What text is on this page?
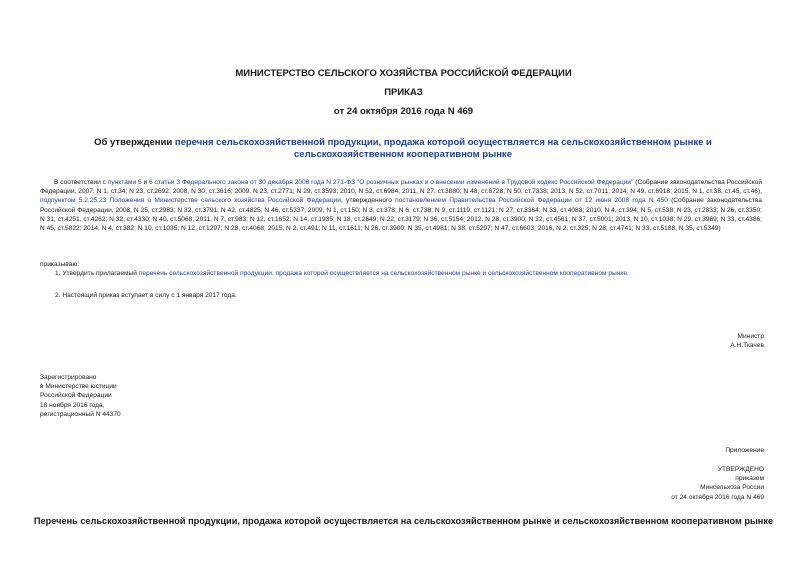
МИНИСТЕРСТВО СЕЛЬСКОГО ХОЗЯЙСТВА РОССИЙСКОЙ ФЕДЕРАЦИИ
ПРИКАЗ
от 24 октября 2016 года N 469
Об утверждении перечня сельскохозяйственной продукции, продажа которой осуществляется на сельскохозяйственном рынке и сельскохозяйственном кооперативном рынке
В соответствии с пунктами 5 и 6 статьи 3 Федерального закона от 30 декабря 2006 года N 271-ФЗ "О розничных рынках и о внесении изменений в Трудовой кодекс Российской Федерации" (Собрание законодательства Российской Федерации, 2007, N 1, ст.34; N 23, ст.2692; 2008, N 30, ст.3616; 2009, N 23, ст.2771; N 29, ст.3593; 2010, N 52, ст.6984; 2011, N 27, ст.3880; N 48, ст.6728; N 50, ст.7338; 2013, N 52, ст.7011; 2014, N 49, ст.6918; 2015, N 1, ст.38, ст.45, ст.46), подпунктом 5.2.25.23 Положения о Министерстве сельского хозяйства Российской Федерации, утвержденного постановлением Правительства Российской Федерации от 12 июня 2008 года N 450 (Собрание законодательства Российской Федерации, 2008, N 25, ст.2983; N 32, ст.3791; N 42, ст.4825; N 46, ст.5337; 2009, N 1, ст.150; N 3, ст.378; N 6, ст.738; N 9, ст.1119, ст.1121; N 27, ст.3364; N 33, ст.4088; 2010, N 4, ст.394; N 5, ст.538; N 23, ст.2833; N 26, ст.3350; N 31, ст.4251, ст.4262; N 32, ст.4330; N 40, ст.5068; 2011, N 7, ст.983; N 12, ст.1652; N 14, ст.1935; N 18, ст.2649; N 22, ст.3179; N 36, ст.5154; 2012, N 28, ст.3900; N 32, ст.4561; N 37, ст.5001; 2013, N 10, ст.1038; N 29, ст.3969; N 33, ст.4386; N 45, ст.5822; 2014, N 4, ст.382; N 10, ст.1035; N 12, ст.1297; N 28, ст.4068; 2015, N 2, ст.491; N 11, ст.1611; N 26, ст.3900; N 35, ст.4981; N 38, ст.5297; N 47, ст.6603; 2016, N 2, ст.325; N 28, ст.4741; N 33, ст.5188, N 35, ст.5349)
приказываю:
1. Утвердить прилагаемый перечень сельскохозяйственной продукции, продажа которой осуществляется на сельскохозяйственном рынке и сельскохозяйственном кооперативном рынке.
2. Настоящий приказ вступает в силу с 1 января 2017 года.
Министр
А.Н.Ткачев
Зарегистрировано
в Министерстве юстиции
Российской Федерации
18 ноября 2016 года,
регистрационный N 44370
Приложение
УТВЕРЖДЕНО
приказом
Минсельхоза России
от 24 октября 2016 года N 469
Перечень сельскохозяйственной продукции, продажа которой осуществляется на сельскохозяйственном рынке и сельскохозяйственном кооперативном рынке
